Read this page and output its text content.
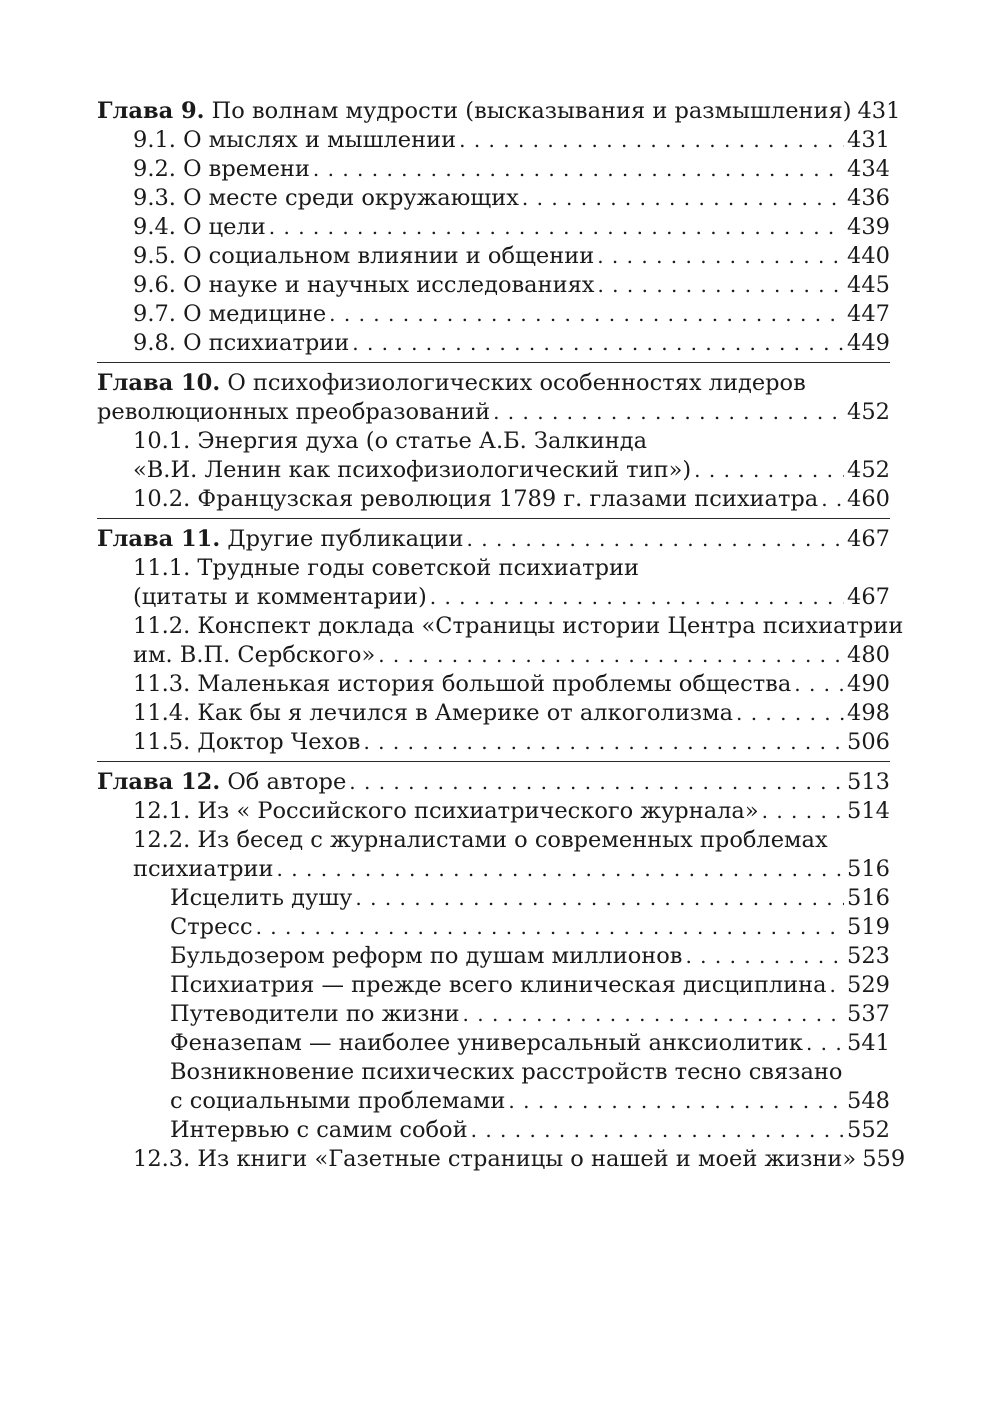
Глава 9. По волнам мудрости (высказывания и размышления) 431
9.1. О мыслях и мышлении . . .	431
9.2. О времени . . .	434
9.3. О месте среди окружающих . . .	436
9.4. О цели . . .	439
9.5. О социальном влиянии и общении . . .	440
9.6. О науке и научных исследованиях . . .	445
9.7. О медицине . . .	447
9.8. О психиатрии . . .	449
Глава 10. О психофизиологических особенностях лидеров
революционных преобразований . . .	452
10.1. Энергия духа (о статье А.Б. Залкинда
«В.И. Ленин как психофизиологический тип») . . .	452
10.2. Французская революция 1789 г. глазами психиатра . . . 460
Глава 11. Другие публикации . . .	467
11.1. Трудные годы советской психиатрии
(цитаты и комментарии) . . .	467
11.2. Конспект доклада «Страницы истории Центра психиатрии
им. В.П. Сербского» . . .	480
11.3. Маленькая история большой проблемы общества . . . 490
11.4. Как бы я лечился в Америке от алкоголизма . . .	498
11.5. Доктор Чехов . . .	506
Глава 12. Об авторе . . .	513
12.1. Из « Российского психиатрического журнала» . . .	514
12.2. Из бесед с журналистами о современных проблемах
психиатрии . . .	516
Исцелить душу . . .	516
Стресс . . .	519
Бульдозером реформ по душам миллионов . . .	523
Психиатрия — прежде всего клиническая дисциплина . . . 529
Путеводители по жизни . . .	537
Феназепам — наиболее универсальный анксиолитик . . . 541
Возникновение психических расстройств тесно связано
с социальными проблемами . . .	548
Интервью с самим собой . . .	552
12.3. Из книги «Газетные страницы о нашей и моей жизни» 559
